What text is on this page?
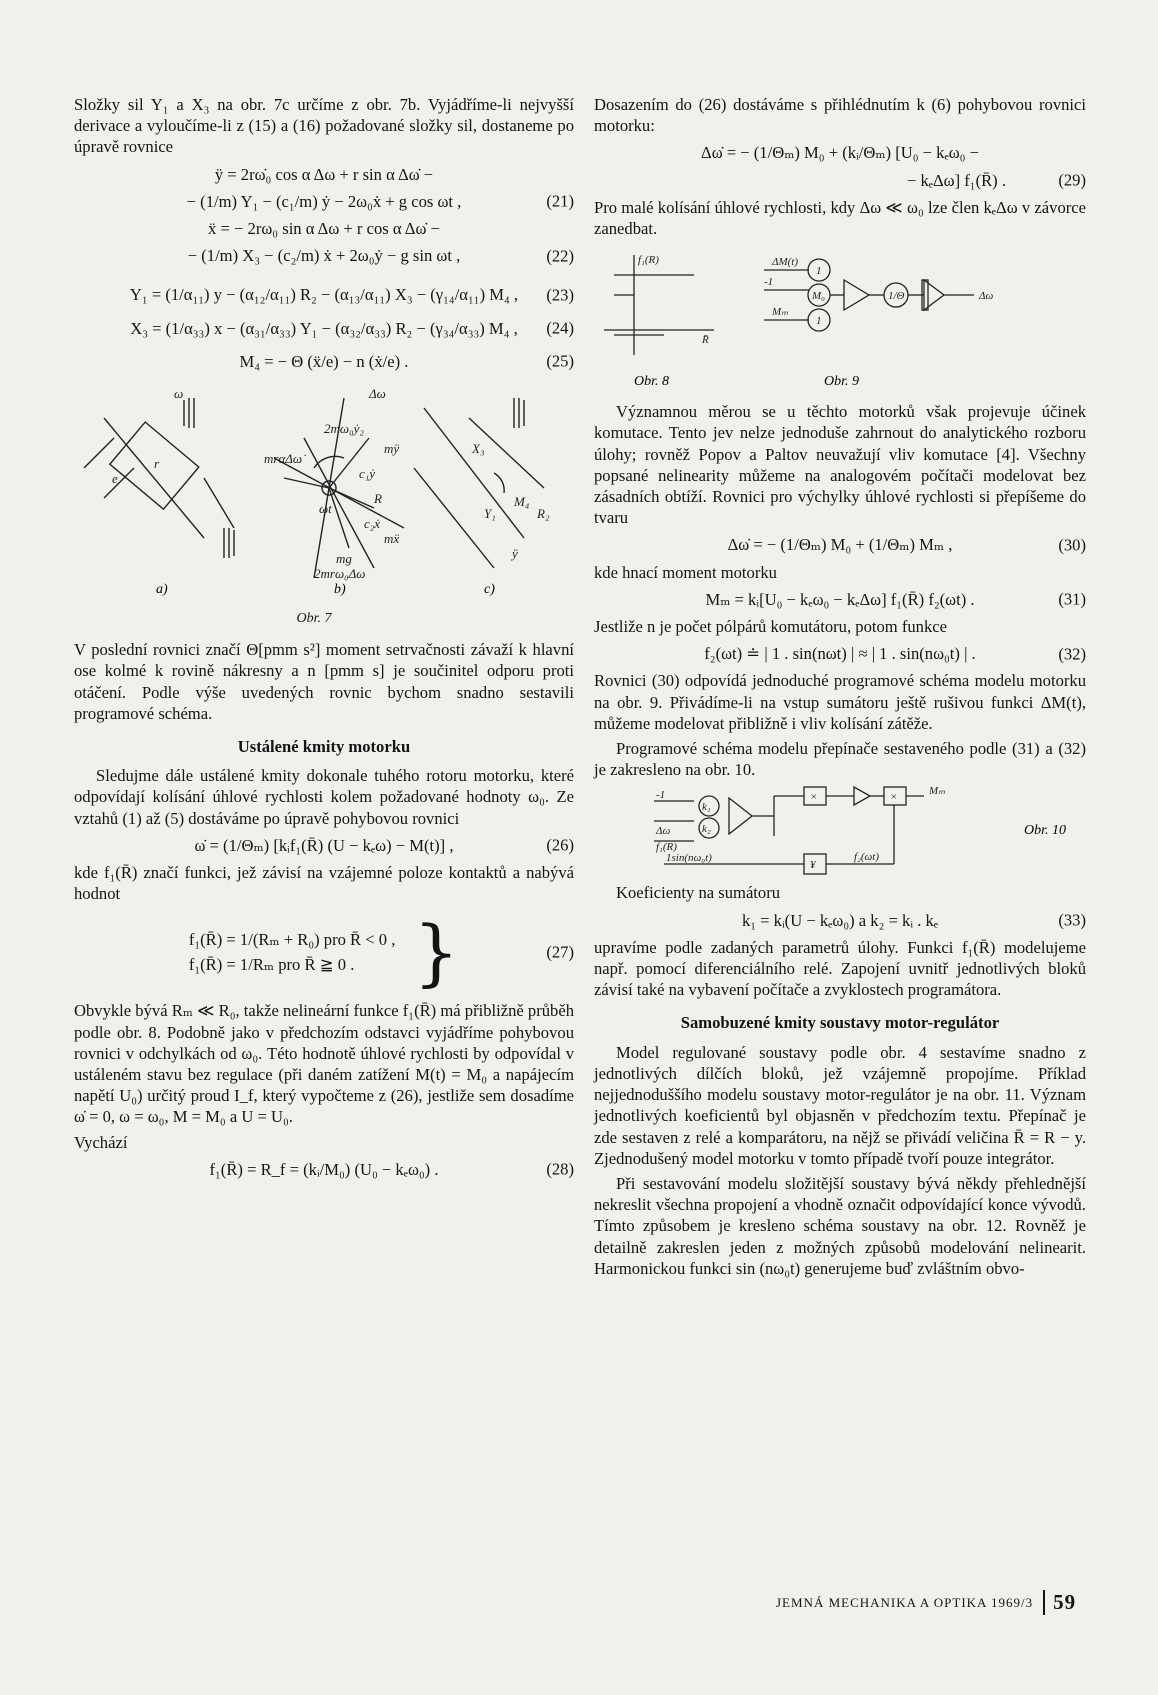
Složky sil Y₁ a X₃ na obr. 7c určíme z obr. 7b. Vyjádříme-li nejvyšší derivace a vyloučíme-li z (15) a (16) požadované složky sil, dostaneme po úpravě rovnice

ÿ = 2rω̇₀ cos α Δω + r sin α Δω̇ −
− (1/m) Y₁ − (c₁/m) ẏ − 2ω₀ẋ + g cos ωt ,	(21)
ẍ = − 2rω₀ sin α Δω + r cos α Δω̇ −
− (1/m) X₃ − (c₂/m) ẋ + 2ω₀ẏ − g sin ωt ,	(22)
Y₁ = (1/α₁₁) y − (α₁₂/α₁₁) R₂ − (α₁₃/α₁₁) X₃ − (γ₁₄/α₁₁) M₄ , (23)
X₃ = (1/α₃₃) x − (α₃₁/α₃₃) Y₁ − (α₃₂/α₃₃) R₂ − (γ₃₄/α₃₃) M₄ , (24)
M₄ = − Θ (ẍ/e) − n (ẋ/e) .	(25)
ω
e
r
2mω₀ẏ₂
Δω
mÿ
mrαΔω̇
c₁ẏ
R
ωt
c₂ẋ
mẍ
mg
2mrω₀Δω
X₃
M₄
Y₁	R₂
ÿ
a)	b)	c)
Obr. 7

V poslední rovnici značí Θ[pmm s²] moment setrvačnosti závaží k hlavní ose kolmé k rovině nákresny a n [pmm s] je součinitel odporu proti otáčení. Podle výše uvedených rovnic bychom snadno sestavili programové schéma.

Ustálené kmity motorku

Sledujme dále ustálené kmity dokonale tuhého rotoru motorku, které odpovídají kolísání úhlové rychlosti kolem požadované hodnoty ω₀. Ze vztahů (1) až (5) dostáváme po úpravě pohybovou rovnici

ω̇ = (1/Θₘ) [kᵢf₁(R̄) (U − kₑω) − M(t)] ,	(26)

kde f₁(R̄) značí funkci, jež závisí na vzájemné poloze kontaktů a nabývá hodnot

f₁(R̄) = 1/(Rₘ + R₀) pro R̄ < 0 ,
f₁(R̄) = 1/Rₘ pro R̄ ≧ 0 . }	(27)

Obvykle bývá Rₘ ≪ R₀, takže nelineární funkce f₁(R̄) má přibližně průběh podle obr. 8. Podobně jako v předchozím odstavci vyjádříme pohybovou rovnici v odchylkách od ω₀. Této hodnotě úhlové rychlosti by odpovídal v ustáleném stavu bez regulace (při daném zatížení M(t) = M₀ a napájecím napětí U₀) určitý proud I_f, který vypočteme z (26), jestliže sem dosadíme ω̇ = 0, ω = ω₀, M = M₀ a U = U₀.

Vychází

f₁(R̄) = R_f = (kᵢ/M₀) (U₀ − kₑω₀) .	(28)

Dosazením do (26) dostáváme s přihlédnutím k (6) pohybovou rovnici motorku:

Δω̇ = − (1/Θₘ) M₀ + (kᵢ/Θₘ) [U₀ − kₑω₀ −
− kₑΔω] f₁(R̄) .	(29)

Pro malé kolísání úhlové rychlosti, kdy Δω ≪ ω₀ lze člen kₑΔω v závorce zanedbat.

f₁(R)
R̄
ΔM(t)
-1
Mₘ
M₀
1
1
1/Θ	Δω
Obr. 8	Obr. 9

Významnou měrou se u těchto motorků však projevuje účinek komutace. Tento jev nelze jednoduše zahrnout do analytického rozboru úlohy; rovněž Popov a Paltov neuvažují vliv komutace [4]. Všechny popsané nelinearity můžeme na analogovém počítači modelovat bez zásadních obtíží. Rovnici pro výchylky úhlové rychlosti si přepíšeme do tvaru

Δω̇ = − (1/Θₘ) M₀ + (1/Θₘ) Mₘ ,	(30)

kde hnací moment motorku

Mₘ = kᵢ[U₀ − kₑω₀ − kₑΔω] f₁(R̄) f₂(ωt) .	(31)

Jestliže n je počet pólpárů komutátoru, potom funkce

f₂(ωt) ≐ | 1 . sin(nωt) | ≈ | 1 . sin(nω₀t) | .	(32)

Rovnici (30) odpovídá jednoduché programové schéma modelu motorku na obr. 9. Přivádíme-li na vstup sumátoru ještě rušivou funkci ΔM(t), můžeme modelovat přibližně i vliv kolísání zátěže.

Programové schéma modelu přepínače sestaveného podle (31) a (32) je zakresleno na obr. 10.

-1
k₁
k₂
Δω
f₁(R)
1sin(nω₀t)	f₂(ωt)
Mₘ
×	×
¥
Obr. 10

Koeficienty na sumátoru

k₁ = kᵢ(U − kₑω₀) a k₂ = kᵢ . kₑ	(33)

upravíme podle zadaných parametrů úlohy. Funkci f₁(R̄) modelujeme např. pomocí diferenciálního relé. Zapojení uvnitř jednotlivých bloků závisí také na vybavení počítače a zvyklostech programátora.

Samobuzené kmity soustavy motor-regulátor

Model regulované soustavy podle obr. 4 sestavíme snadno z jednotlivých dílčích bloků, jež vzájemně propojíme. Příklad nejjednoduššího modelu soustavy motor-regulátor je na obr. 11. Význam jednotlivých koeficientů byl objasněn v předchozím textu. Přepínač je zde sestaven z relé a komparátoru, na nějž se přivádí veličina R̄ = R − y. Zjednodušený model motorku v tomto případě tvoří pouze integrátor.

Při sestavování modelu složitější soustavy bývá někdy přehlednější nekreslit všechna propojení a vhodně označit odpovídající konce vývodů. Tímto způsobem je kresleno schéma soustavy na obr. 12. Rovněž je detailně zakreslen jeden z možných způsobů modelování nelinearit. Harmonickou funkci sin (nω₀t) generujeme buď zvláštním obvo-

JEMNÁ MECHANIKA A OPTIKA 1969/3 59
